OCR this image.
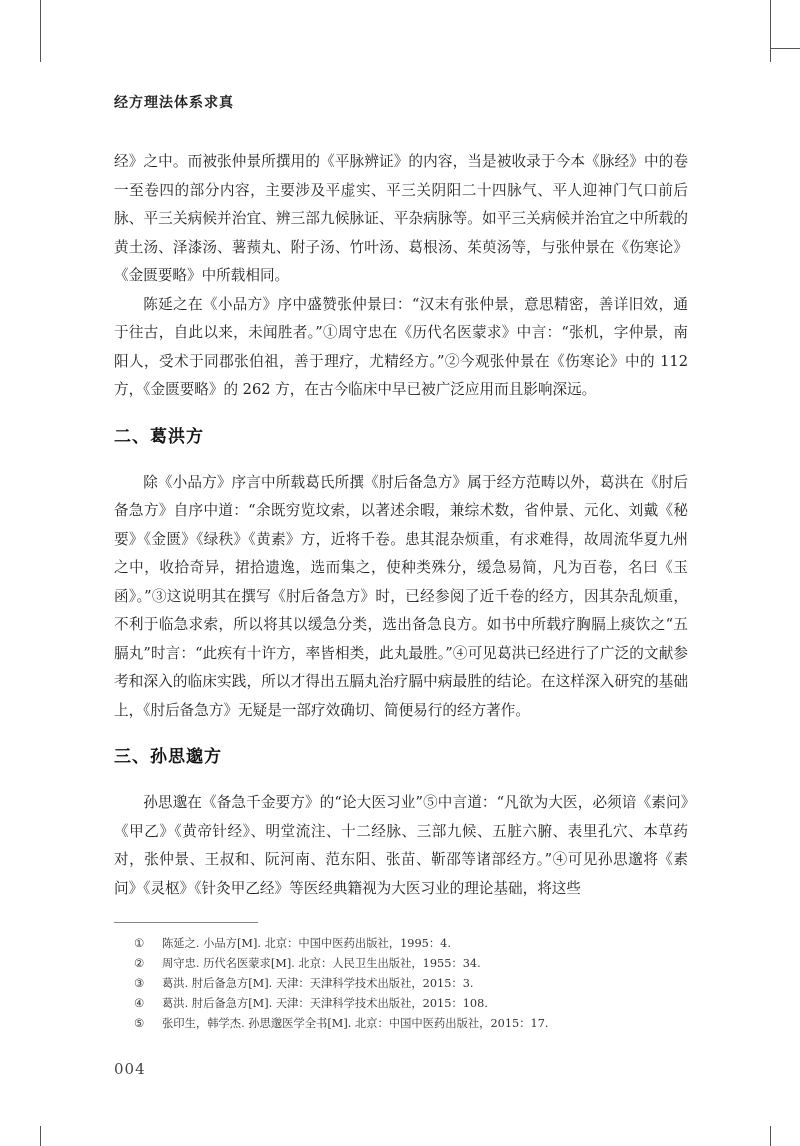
经方理法体系求真

经》之中。而被张仲景所撰用的《平脉辨证》的内容，当是被收录于今本《脉经》中的卷一至卷四的部分内容，主要涉及平虚实、平三关阴阳二十四脉气、平人迎神门气口前后脉、平三关病候并治宜、辨三部九候脉证、平杂病脉等。如平三关病候并治宜之中所载的黄土汤、泽漆汤、薯蓣丸、附子汤、竹叶汤、葛根汤、茱萸汤等，与张仲景在《伤寒论》《金匮要略》中所载相同。

陈延之在《小品方》序中盛赞张仲景曰：“汉末有张仲景，意思精密，善详旧效，通于往古，自此以来，未闻胜者。”①周守忠在《历代名医蒙求》中言：“张机，字仲景，南阳人，受术于同郡张伯祖，善于理疗，尤精经方。”②今观张仲景在《伤寒论》中的 112 方，《金匮要略》的 262 方，在古今临床中早已被广泛应用而且影响深远。

二、葛洪方

除《小品方》序言中所载葛氏所撰《肘后备急方》属于经方范畴以外，葛洪在《肘后备急方》自序中道：“余既穷览坟索，以著述余暇，兼综术数，省仲景、元化、刘戴《秘要》《金匮》《绿秩》《黄素》方，近将千卷。患其混杂烦重，有求难得，故周流华夏九州之中，收拾奇异，捃拾遗逸，选而集之，使种类殊分，缓急易简，凡为百卷，名曰《玉函》。”③这说明其在撰写《肘后备急方》时，已经参阅了近千卷的经方，因其杂乱烦重，不利于临急求索，所以将其以缓急分类，选出备急良方。如书中所载疗胸膈上痰饮之“五膈丸”时言：“此疾有十许方，率皆相类，此丸最胜。”④可见葛洪已经进行了广泛的文献参考和深入的临床实践，所以才得出五膈丸治疗膈中病最胜的结论。在这样深入研究的基础上，《肘后备急方》无疑是一部疗效确切、简便易行的经方著作。

三、孙思邈方

孙思邈在《备急千金要方》的“论大医习业”⑤中言道：“凡欲为大医，必须谙《素问》《甲乙》《黄帝针经》、明堂流注、十二经脉、三部九候、五脏六腑、表里孔穴、本草药对，张仲景、王叔和、阮河南、范东阳、张苗、靳邵等诸部经方。”④可见孙思邈将《素问》《灵枢》《针灸甲乙经》等医经典籍视为大医习业的理论基础，将这些

①	陈延之. 小品方[M]. 北京：中国中医药出版社，1995：4.
②	周守忠. 历代名医蒙求[M]. 北京：人民卫生出版社，1955：34.
③	葛洪. 肘后备急方[M]. 天津：天津科学技术出版社，2015：3.
④	葛洪. 肘后备急方[M]. 天津：天津科学技术出版社，2015：108.
⑤	张印生，韩学杰. 孙思邈医学全书[M]. 北京：中国中医药出版社，2015：17.
004
